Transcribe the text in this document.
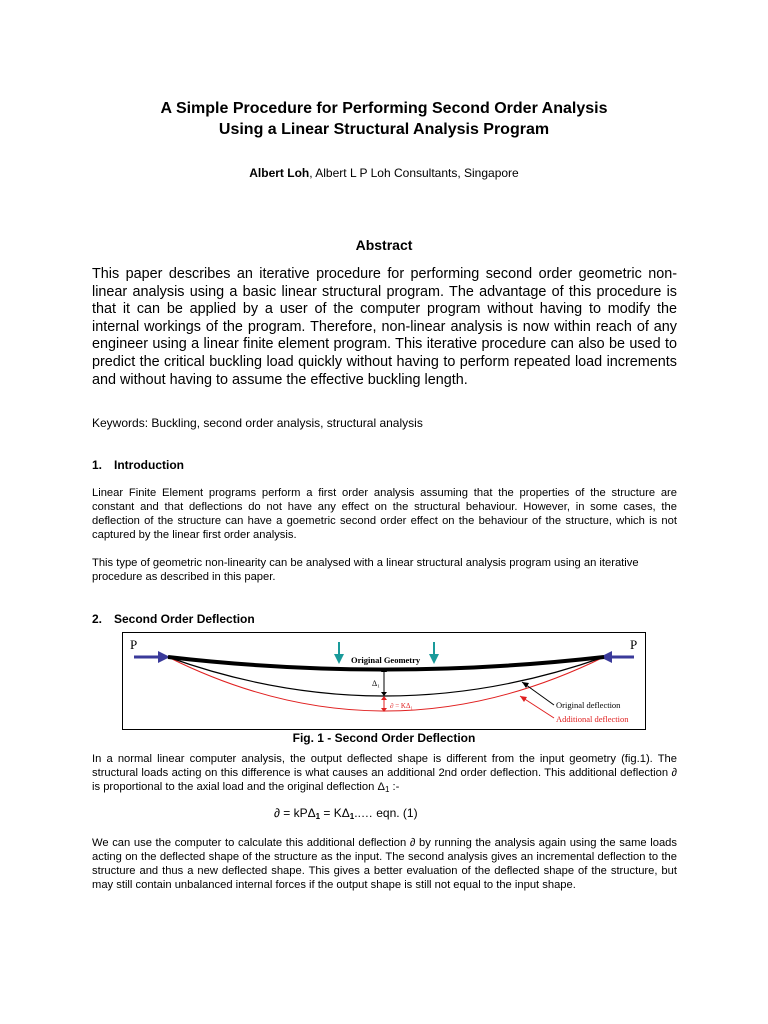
A Simple Procedure for Performing Second Order Analysis
Using a Linear Structural Analysis Program
Albert Loh, Albert L P Loh Consultants, Singapore
Abstract
This paper describes an iterative procedure for performing second order geometric non-linear analysis using a basic linear structural program. The advantage of this procedure is that it can be applied by a user of the computer program without having to modify the internal workings of the program. Therefore, non-linear analysis is now within reach of any engineer using a linear finite element program. This iterative procedure can also be used to predict the critical buckling load quickly without having to perform repeated load increments and without having to assume the effective buckling length.
Keywords: Buckling, second order analysis, structural analysis
1. Introduction
Linear Finite Element programs perform a first order analysis assuming that the properties of the structure are constant and that deflections do not have any effect on the structural behaviour. However, in some cases, the deflection of the structure can have a goemetric second order effect on the behaviour of the structure, which is not captured by the linear first order analysis.
This type of geometric non-linearity can be analysed with a linear structural analysis program using an iterative procedure as described in this paper.
2. Second Order Deflection
P	P
Original Geometry
Δ₁
∂ = KΔ₁	Original deflection
Additional deflection
Fig. 1 - Second Order Deflection
In a normal linear computer analysis, the output deflected shape is different from the input geometry (fig.1). The structural loads acting on this difference is what causes an additional 2nd order deflection. This additional deflection ∂ is proportional to the axial load and the original deflection Δ1 :-
∂ = kPΔ1 = KΔ1..… eqn. (1)
We can use the computer to calculate this additional deflection ∂ by running the analysis again using the same loads acting on the deflected shape of the structure as the input. The second analysis gives an incremental deflection to the structure and thus a new deflected shape. This gives a better evaluation of the deflected shape of the structure, but may still contain unbalanced internal forces if the output shape is still not equal to the input shape.
